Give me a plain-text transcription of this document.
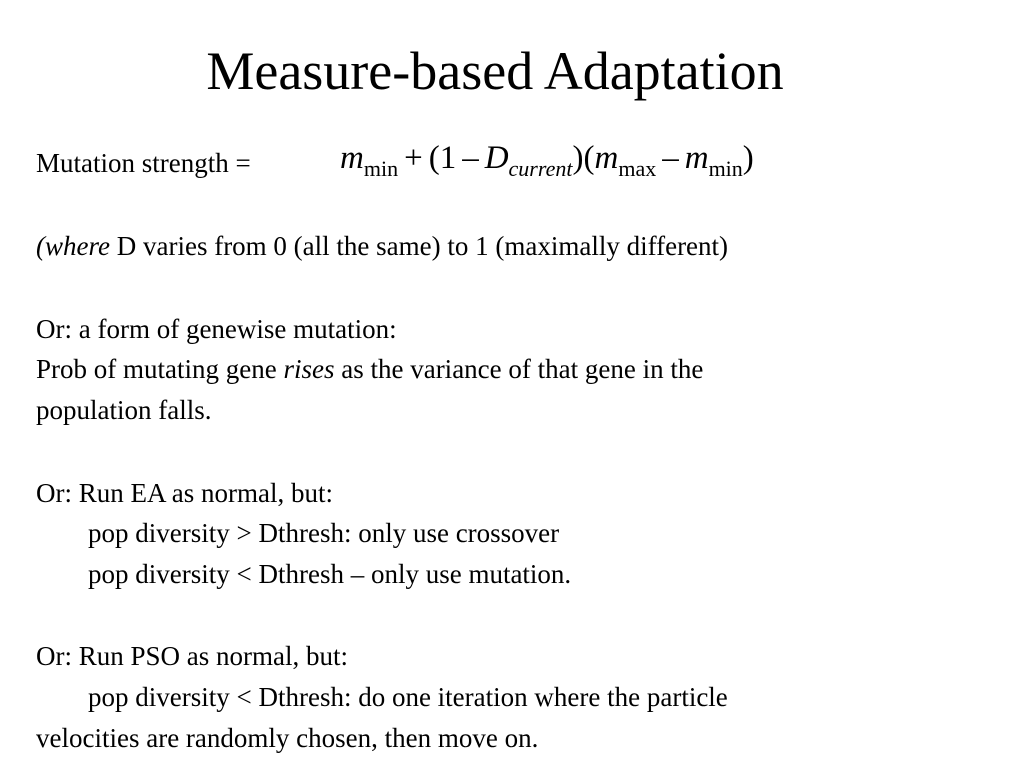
Measure-based Adaptation
Mutation strength =	$m_{min} + (1 - D_{current})(m_{max} - m_{min})$
(where D varies from 0 (all the same) to 1 (maximally different)
Or: a form of genewise mutation:
Prob of mutating gene rises as the variance of that gene in the
population falls.
Or: Run EA as normal, but:
pop diversity > Dthresh: only use crossover
pop diversity < Dthresh – only use mutation.
Or: Run PSO as normal, but:
pop diversity < Dthresh: do one iteration where the particle
velocities are randomly chosen, then move on.
